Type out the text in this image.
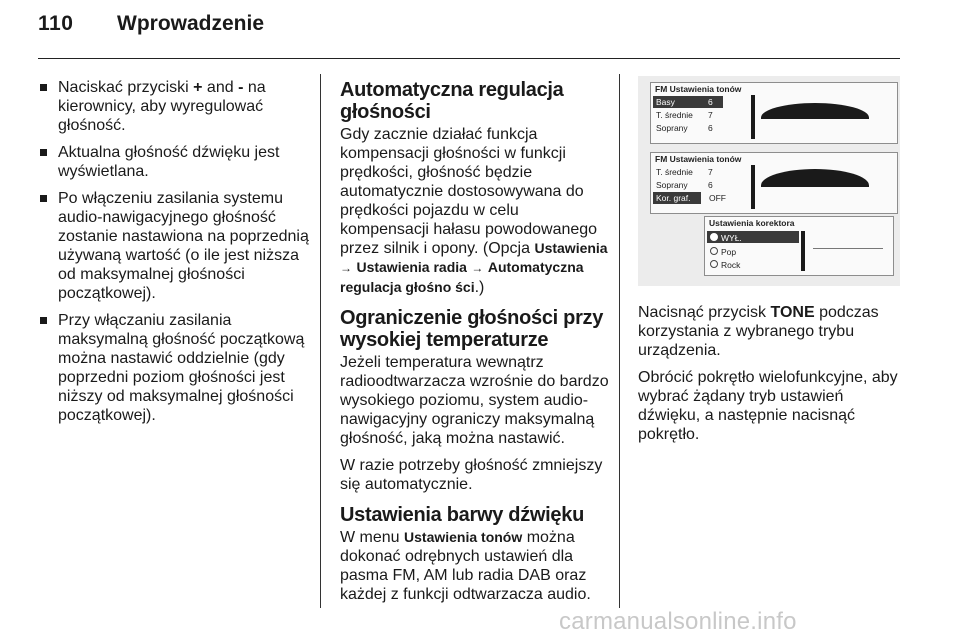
110 Wprowadzenie
Naciskać przyciski + and - na kierownicy, aby wyregulować głośność.
Aktualna głośność dźwięku jest wyświetlana.
Po włączeniu zasilania systemu audio-nawigacyjnego głośność zostanie nastawiona na poprzednią używaną wartość (o ile jest niższa od maksymalnej głośności początkowej).
Przy włączaniu zasilania maksymalną głośność początkową można nastawić oddzielnie (gdy poprzedni poziom głośności jest niższy od maksymalnej głośności początkowej).
Automatyczna regulacja głośności

Gdy zacznie działać funkcja kompensacji głośności w funkcji prędkości, głośność będzie automatycznie dostosowywana do prędkości pojazdu w celu kompensacji hałasu powodowanego przez silnik i opony. (Opcja Ustawienia → Ustawienia radia → Automatyczna regulacja głośno ści.)

Ograniczenie głośności przy wysokiej temperaturze

Jeżeli temperatura wewnątrz radioodtwarzacza wzrośnie do bardzo wysokiego poziomu, system audio-nawigacyjny ograniczy maksymalną głośność, jaką można nastawić.

W razie potrzeby głośność zmniejszy się automatycznie.

Ustawienia barwy dźwięku

W menu Ustawienia tonów można dokonać odrębnych ustawień dla pasma FM, AM lub radia DAB oraz każdej z funkcji odtwarzacza audio.

FM Ustawienia tonów
Basy	6
T. średnie 7
Soprany 6
FM Ustawienia tonów
T. średnie 7
Soprany 6
Kor. graf. OFF
Ustawienia korektora
WYŁ.
Pop
Rock

Nacisnąć przycisk TONE podczas korzystania z wybranego trybu urządzenia.

Obrócić pokrętło wielofunkcyjne, aby wybrać żądany tryb ustawień dźwięku, a następnie nacisnąć pokrętło.

carmanualsonline.info
